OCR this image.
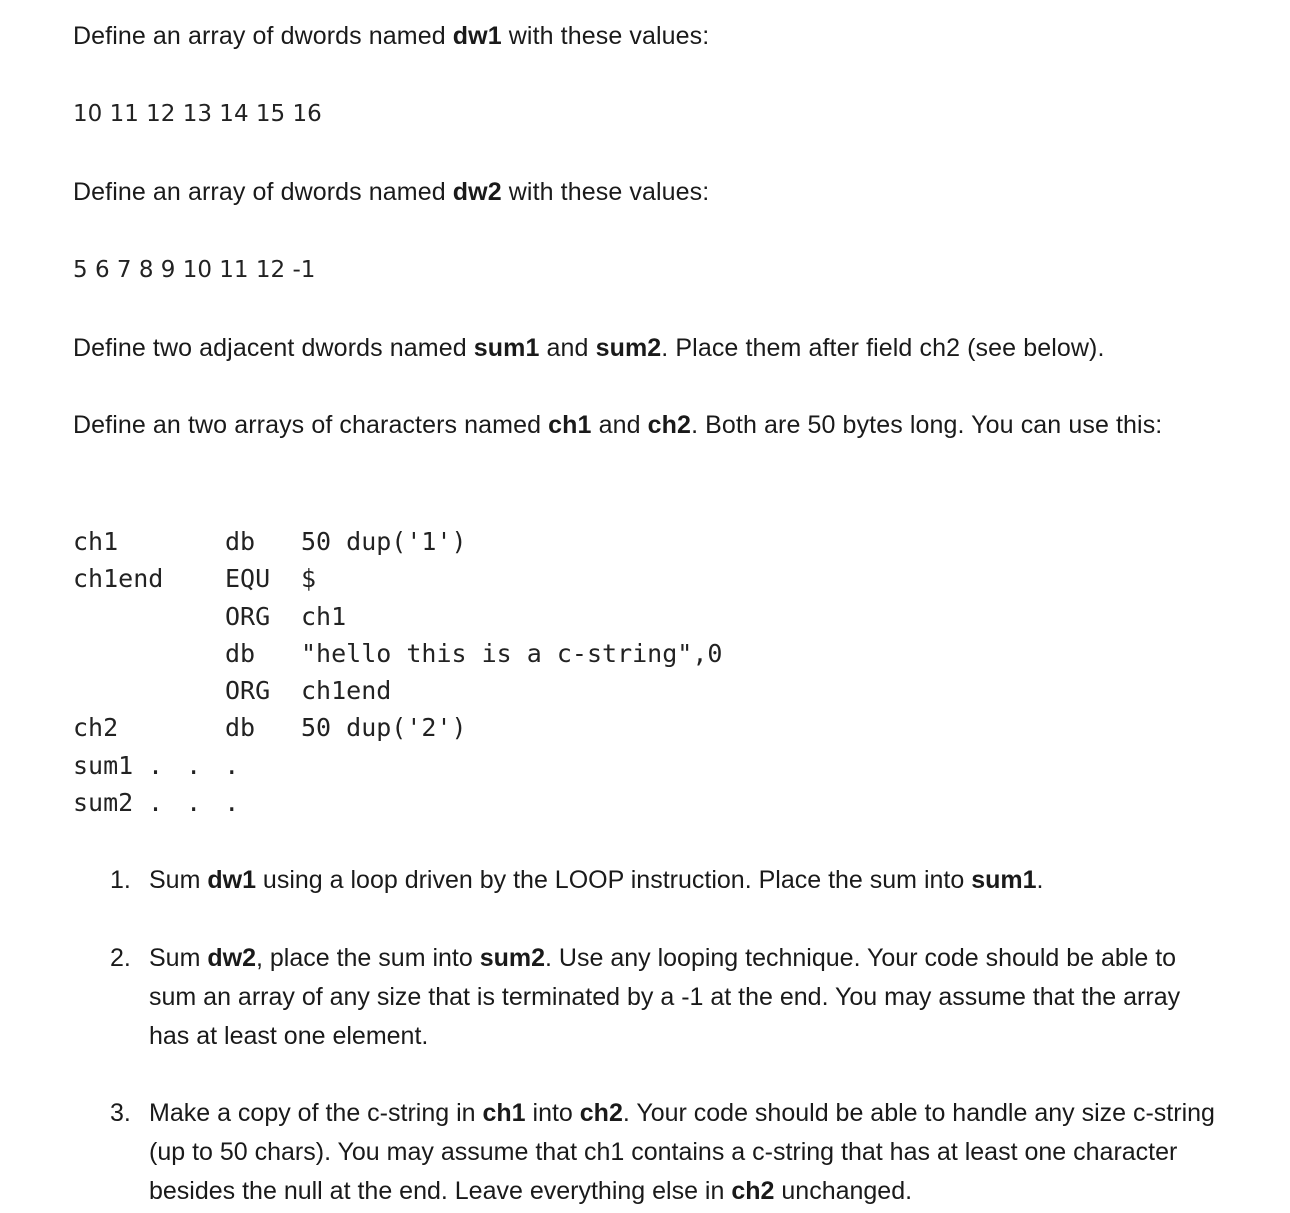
Define an array of dwords named dw1 with these values:

10 11 12 13 14 15 16

Define an array of dwords named dw2 with these values:

5 6 7 8 9 10 11 12 -1

Define two adjacent dwords named sum1 and sum2. Place them after field ch2 (see below).

Define an two arrays of characters named ch1 and ch2. Both are 50 bytes long. You can use this:

ch1	db 50 dup('1')
ch1end EQU $
ORG ch1
db "hello this is a c-string",0
ORG ch1end
ch2	db 50 dup('2')
sum1 . . .
sum2 . . .
1. Sum dw1 using a loop driven by the LOOP instruction. Place the sum into sum1.
2. Sum dw2, place the sum into sum2. Use any looping technique. Your code should be able to sum an array of any size that is terminated by a -1 at the end. You may assume that the array has at least one element.
3. Make a copy of the c-string in ch1 into ch2. Your code should be able to handle any size c-string (up to 50 chars). You may assume that ch1 contains a c-string that has at least one character besides the null at the end. Leave everything else in ch2 unchanged.
